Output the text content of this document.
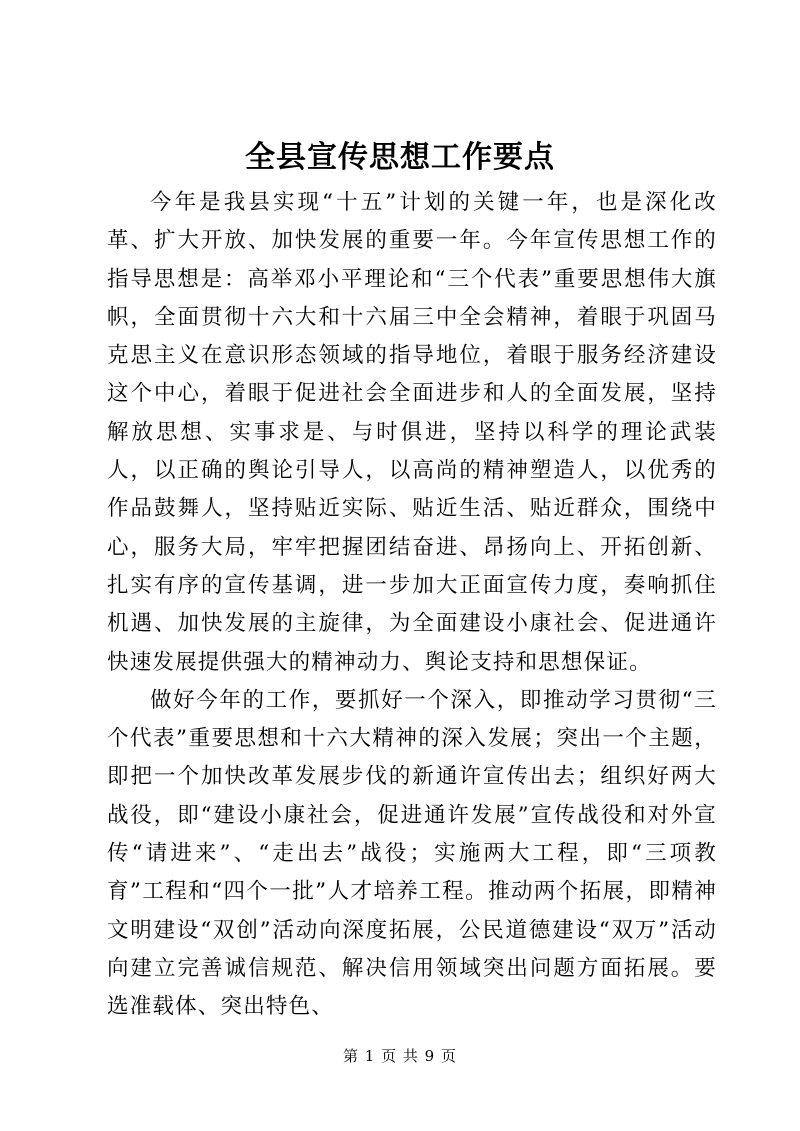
全县宣传思想工作要点

今年是我县实现“十五”计划的关键一年，也是深化改革、扩大开放、加快发展的重要一年。今年宣传思想工作的指导思想是：高举邓小平理论和“三个代表”重要思想伟大旗帜，全面贯彻十六大和十六届三中全会精神，着眼于巩固马克思主义在意识形态领域的指导地位，着眼于服务经济建设这个中心，着眼于促进社会全面进步和人的全面发展，坚持解放思想、实事求是、与时俱进，坚持以科学的理论武装人，以正确的舆论引导人，以高尚的精神塑造人，以优秀的作品鼓舞人，坚持贴近实际、贴近生活、贴近群众，围绕中心，服务大局，牢牢把握团结奋进、昂扬向上、开拓创新、扎实有序的宣传基调，进一步加大正面宣传力度，奏响抓住机遇、加快发展的主旋律，为全面建设小康社会、促进通许快速发展提供强大的精神动力、舆论支持和思想保证。

做好今年的工作，要抓好一个深入，即推动学习贯彻“三个代表”重要思想和十六大精神的深入发展；突出一个主题，即把一个加快改革发展步伐的新通许宣传出去；组织好两大战役，即“建设小康社会，促进通许发展”宣传战役和对外宣传“请进来”、“走出去”战役；实施两大工程，即“三项教育”工程和“四个一批”人才培养工程。推动两个拓展，即精神文明建设“双创”活动向深度拓展，公民道德建设“双万”活动向建立完善诚信规范、解决信用领域突出问题方面拓展。要选准载体、突出特色、

第 1 页 共 9 页
